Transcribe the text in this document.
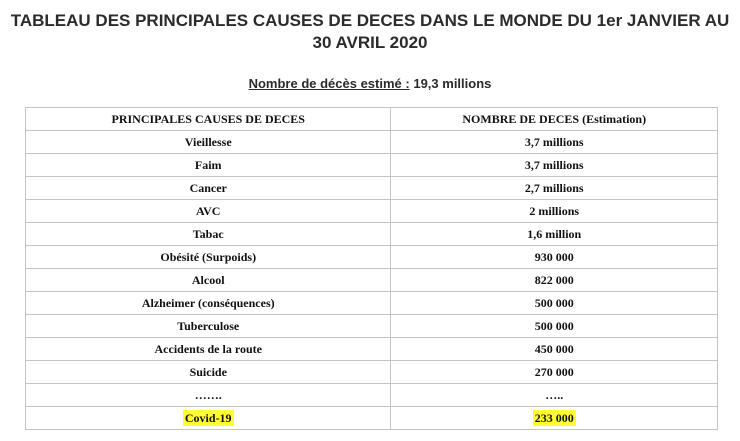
TABLEAU DES PRINCIPALES CAUSES DE DECES DANS LE MONDE DU 1er JANVIER AU 30 AVRIL 2020
Nombre de décès estimé : 19,3 millions
PRINCIPALES CAUSES DE DECES	NOMBRE DE DECES (Estimation)
Vieillesse	3,7 millions
Faim	3,7 millions
Cancer	2,7 millions
AVC	2 millions
Tabac	1,6 million
Obésité (Surpoids)	930 000
Alcool	822 000
Alzheimer (conséquences)	500 000
Tuberculose	500 000
Accidents de la route	450 000
Suicide	270 000
…….	…..
Covid-19	233 000
